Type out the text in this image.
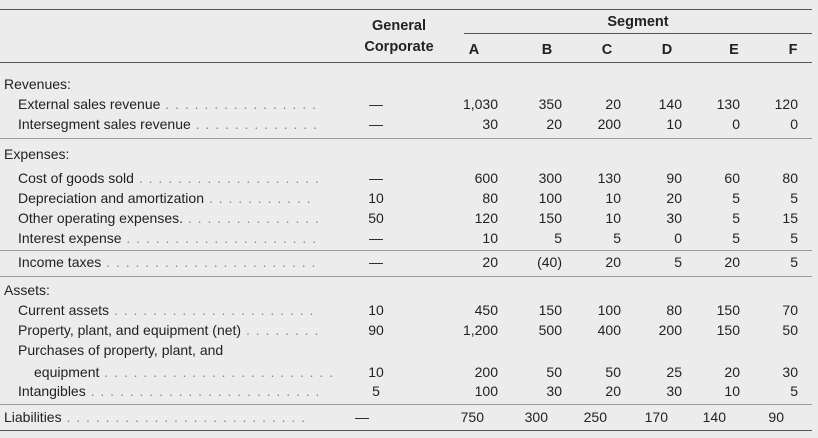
General
Corporate
Segment
A	B	C	D	E	F
Revenues:
External sales revenue . . .	—	1,030	350	20	140	130	120
Intersegment sales revenue . . .	—	30	20	200	10	0	0
Expenses:
Cost of goods sold . . .	—	600	300	130	90	60	80
Depreciation and amortization . . .	10	80	100	10	20	5	5
Other operating expenses. . . .	50	120	150	10	30	5	15
Interest expense . . .	—	10	5	5	0	5	5
Income taxes . . .	—	20	(40)	20	5	20	5
Assets:
Current assets . . .	10	450	150	100	80	150	70
Property, plant, and equipment (net) . . .	90	1,200	500	400	200	150	50
Purchases of property, plant, and
equipment . . .	10	200	50	50	25	20	30
Intangibles . . .	5	100	30	20	30	10	5
Liabilities . . .	—	750	300	250	170	140	90
